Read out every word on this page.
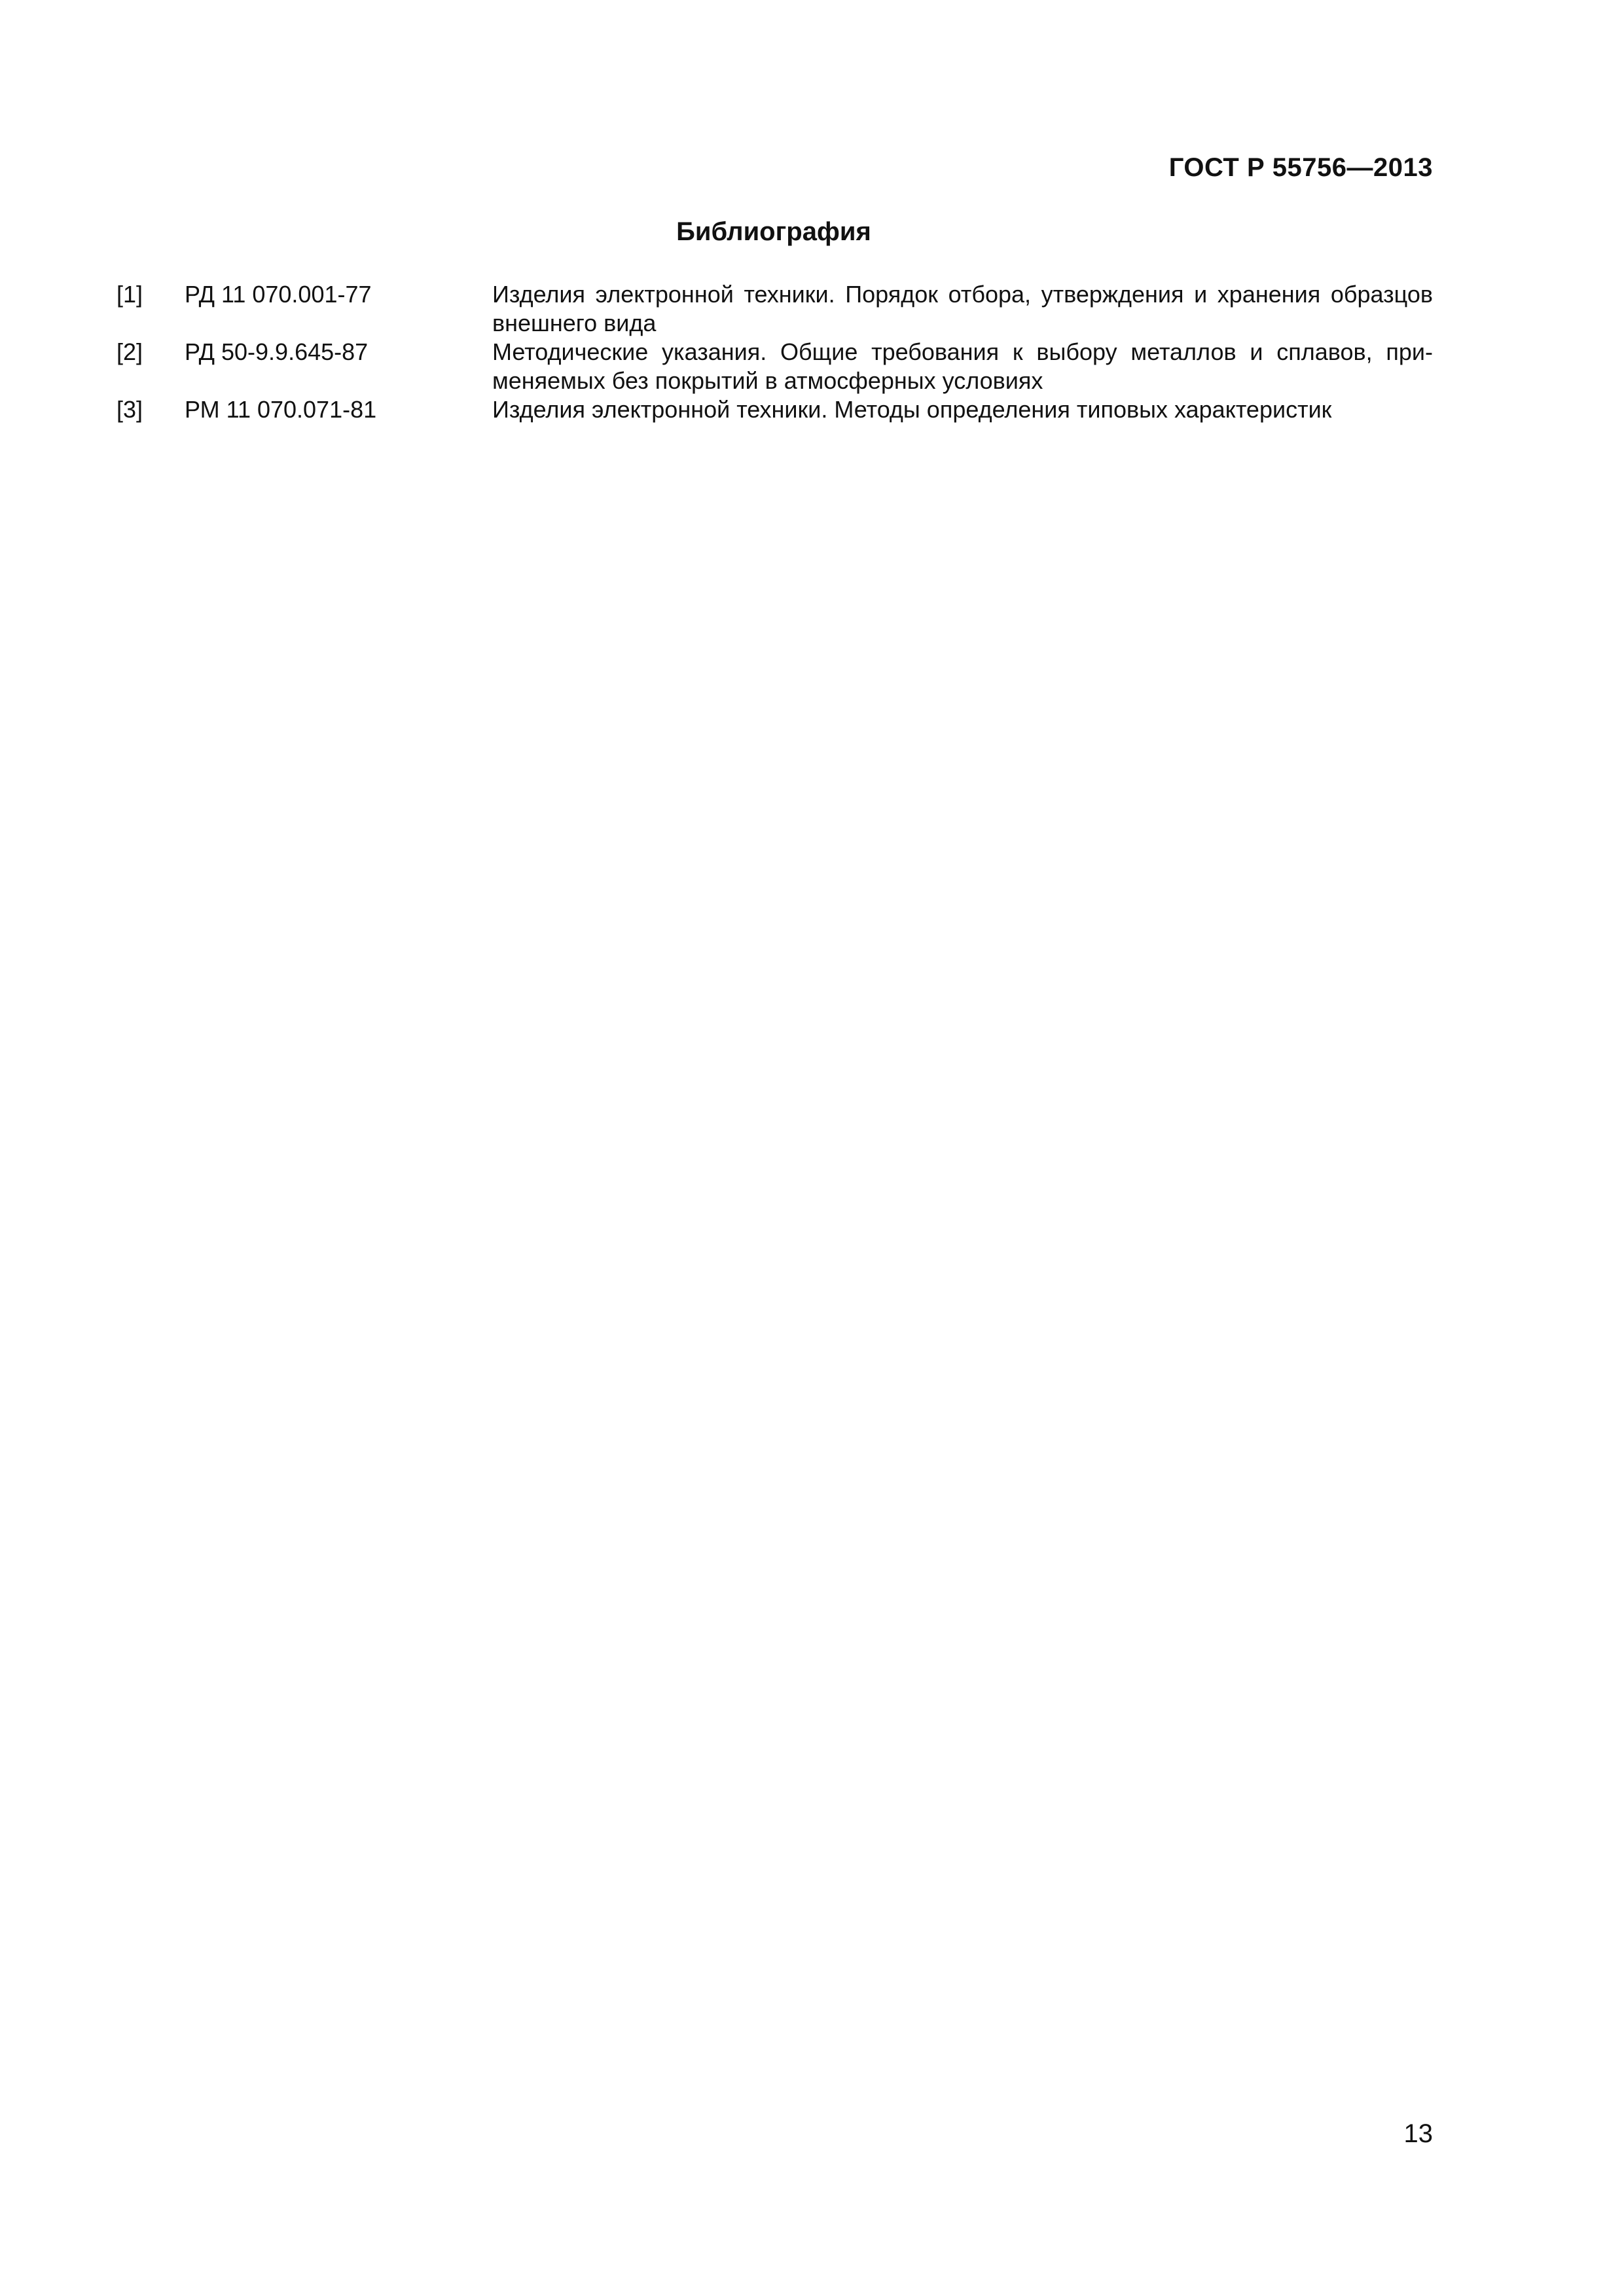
ГОСТ Р 55756—2013
Библиография
[1]	РД 11 070.001-77	Изделия электронной техники. Порядок отбора, утверждения и хранения образцов внешнего вида
[2]	РД 50-9.9.645-87	Методические указания. Общие требования к выбору металлов и сплавов, применяемых без покрытий в атмосферных условиях
[3]	РМ 11 070.071-81	Изделия электронной техники. Методы определения типовых характеристик
13
